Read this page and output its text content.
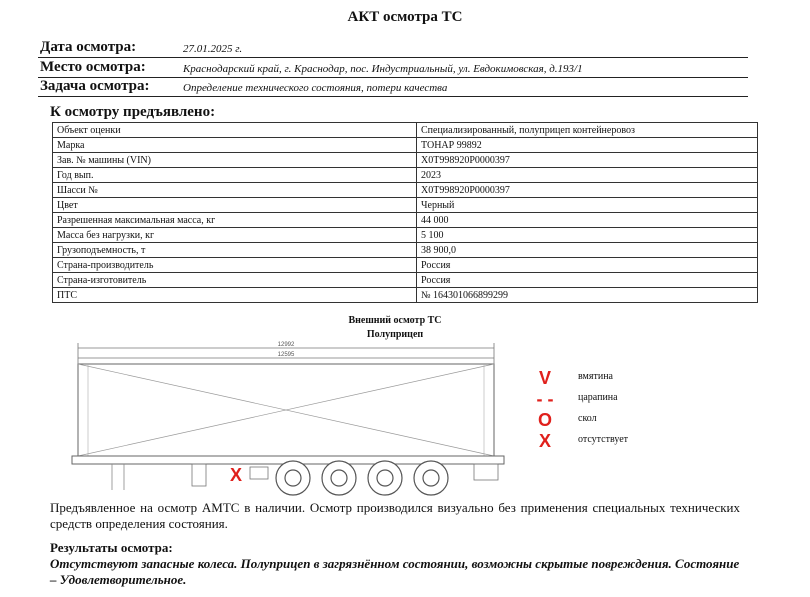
АКТ осмотра ТС
Дата осмотра:	27.01.2025 г.
Место осмотра:	Краснодарский край, г. Краснодар, пос. Индустриальный, ул. Евдокимовская, д.193/1
Задача осмотра:	Определение технического состояния, потери качества
К осмотру предъявлено:
Объект оценки	Специализированный, полуприцеп контейнеровоз
Марка	ТОНАР 99892
Зав. № машины (VIN)	X0T998920P0000397
Год вып.	2023
Шасси №	X0T998920P0000397
Цвет	Черный
Разрешенная максимальная масса, кг	44 000
Масса без нагрузки, кг	5 100
Грузоподъемность, т	38 900,0
Страна-производитель	Россия
Страна-изготовитель	Россия
ПТС	№ 164301066899299
Внешний осмотр ТС
Полуприцеп
12992
12595
X
V	вмятина
- -	царапина
O	скол
X	отсутствует
Предъявленное на осмотр АМТС в наличии. Осмотр производился визуально без применения специальных технических средств определения состояния.
Результаты осмотра:
Отсутствуют запасные колеса. Полуприцеп в загрязнённом состоянии, возможны скрытые повреждения. Состояние – Удовлетворительное.
